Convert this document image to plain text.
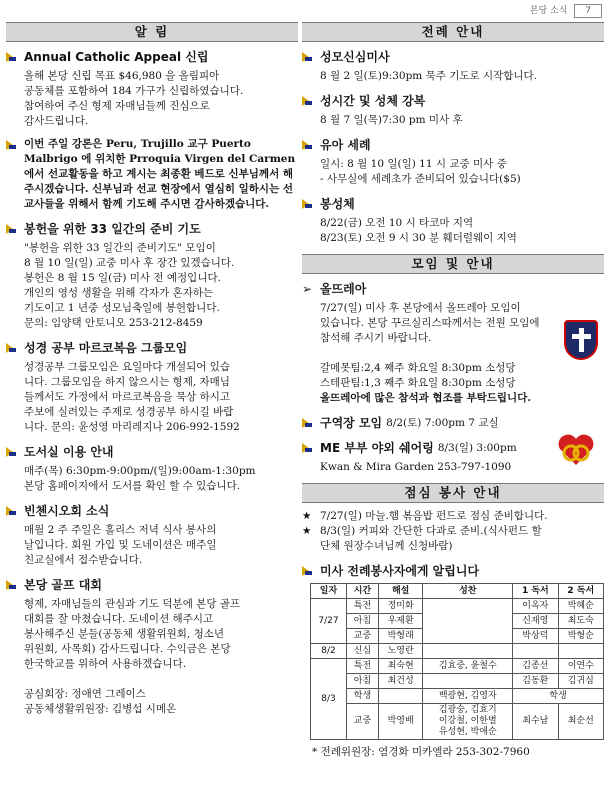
본당 소식 7
알 림
Annual Catholic Appeal 신립
올해 본당 신립 목표 $46,980 을 올림피아
공동체를 포함하여 184 가구가 신립하였습니다.
참여하여 주신 형제 자매님들께 진심으로
감사드립니다.
이번 주일 강론은 Peru, Trujillo 교구 Puerto Malbrigo 에 위치한 Prroquia Virgen del Carmen 에서 선교활동을 하고 계시는 최종환 베드로 신부님께서 해 주시겠습니다. 신부님과 선교 현장에서 열심히 일하시는 선교사들을 위해서 함께 기도해 주시면 감사하겠습니다.
봉헌을 위한 33 일간의 준비 기도
"봉헌을 위한 33 일간의 준비기도" 모임이
8 월 10 일(일) 교중 미사 후 장간 있겠습니다.
봉헌은 8 월 15 일(금) 미사 전 예정입니다.
개인의 영성 생활을 위해 각자가 혼자하는
기도이고 1 년중 성모님축일에 봉헌합니다.
문의: 임양택 안토니오 253-212-8459
성경 공부 마르코복음 그룹모임
성경공부 그룹모임은 요일마다 개설되어 있습
니다. 그룹모임을 하지 않으시는 형제, 자매님
들께서도 가정에서 마르코복음을 묵상 하시고
주보에 실려있는 주제로 성경공부 하시길 바랍
니다. 문의: 윤성영 마리레지나 206-992-1592
도서실 이용 안내
매주(목) 6:30pm-9:00pm/(일)9:00am-1:30pm
본당 홈페이지에서 도서를 확인 할 수 있습니다.
빈첸시오회 소식
매월 2 주 주일은 홀리스 저녁 식사 봉사의
날입니다. 회원 가입 및 도네이션은 매주일
친교실에서 접수받습니다.
본당 골프 대회
형제, 자매님들의 관심과 기도 덕분에 본당 골프
대회를 잘 마쳤습니다. 도네이션 해주시고
봉사해주신 분들(공동체 생활위원회, 청소년
위원회, 사목회) 감사드립니다. 수익금은 본당
한국학교를 위하여 사용하겠습니다.

공심회장: 정애연 그레이스
공동체생활위원장: 김병섭 시메온
전례 안내
성모신심미사
8 월 2 일(토)9:30pm 묵주 기도로 시작합니다.
성시간 및 성체 강복
8 월 7 일(목)7:30 pm 미사 후
유아 세례
일시: 8 월 10 일(일) 11 시 교중 미사 중
- 사무실에 세례초가 준비되어 있습니다($5)
봉성체
8/22(금) 오전 10 시 타코마 지역
8/23(토) 오전 9 시 30 분 훼더럴웨이 지역
모임 및 안내
➢ 올뜨레아
7/27(일) 미사 후 본당에서 올뜨레아 모임이
있습니다. 본당 꾸르실리스따께서는 전원 모임에
참석해 주시기 바랍니다.

갈메못팀:2,4 째주 화요일 8:30pm 소성당
스테판팀:1,3 째주 화요일 8:30pm 소성당
올뜨레아에 많은 참석과 협조를 부탁드립니다.
구역장 모임 8/2(토) 7:00pm 7 교실
ME 부부 야외 쉐어링 8/3(일) 3:00pm
Kwan & Mira Garden 253-797-1090
점심 봉사 안내
★ 7/27(일) 마늘.햄 볶음밥 펀드로 점심 준비합니다.
★ 8/3(일) 커피와 간단한 다과로 준비.(식사펀드 할
단체 원장수녀님께 신청바람)
미사 전례봉사자에게 알립니다
일자	시간	해설	성찬	1 독서	2 독서
7/27	특전	정미화		이옥자	박혜순
	아침	우제환		신재영	최도숙
	교중	박형래		박상덕	박형순
8/2	신심	노영란			
8/3	특전	최숙현	김효중, 윤철수	김종선	이연수
	아침	최건성		김동환	김귀심
	학생		백광현, 김영자	학생	
	교중	박영배	김광숭, 김효기
이강철, 이한별
유성현, 박애순	최수남	최순선
* 전례위원장: 염경화 미카엘라 253-302-7960
